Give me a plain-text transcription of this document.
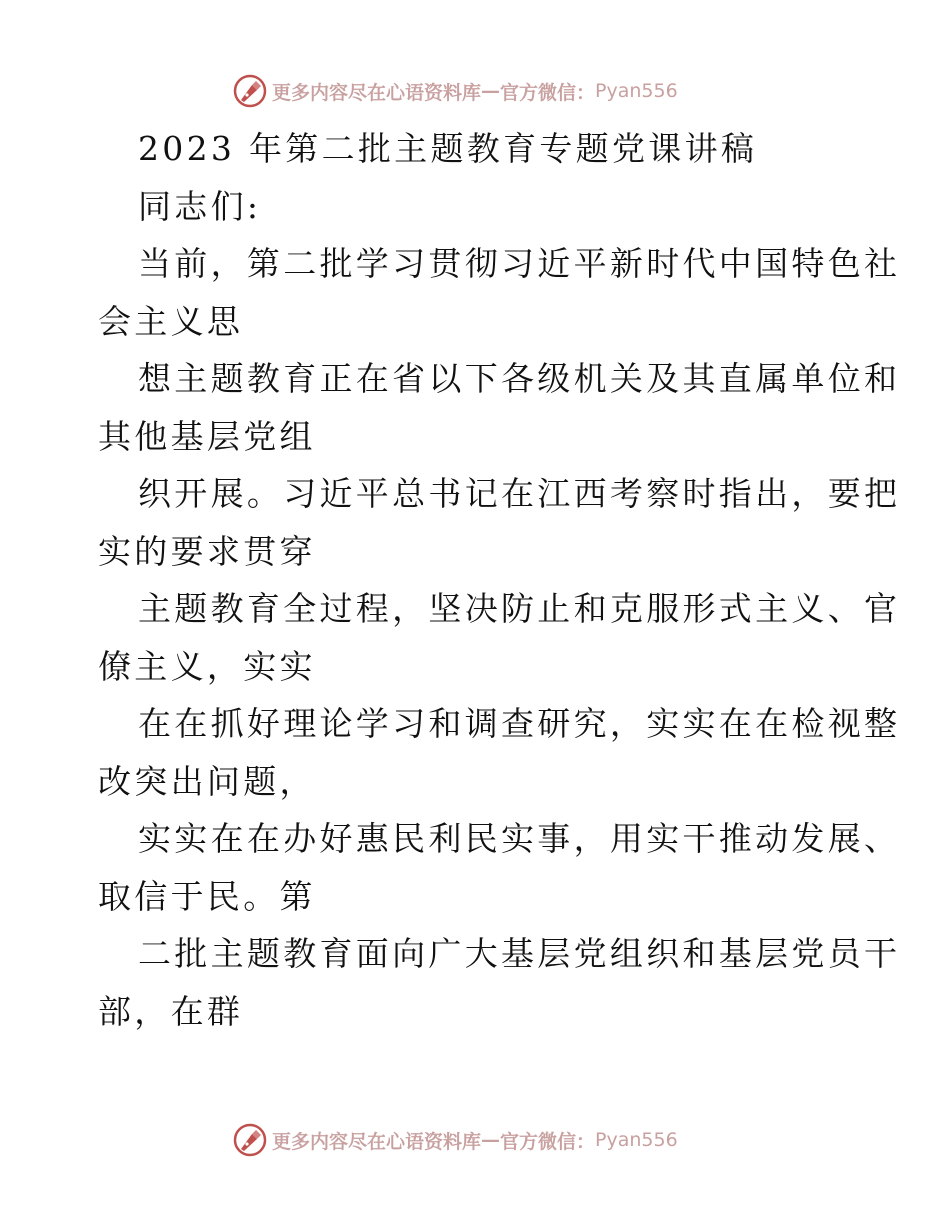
更多内容尽在心语资料库 — 官方微信： Pyan556
2023 年第二批主题教育专题党课讲稿
同志们:
当前，第二批学习贯彻习近平新时代中国特色社
会主义思
想主题教育正在省以下各级机关及其直属单位和
其他基层党组
织开展。习近平总书记在江西考察时指出，要把
实的要求贯穿
主题教育全过程，坚决防止和克服形式主义、官
僚主义，实实
在在抓好理论学习和调查研究，实实在在检视整
改突出问题，
实实在在办好惠民利民实事，用实干推动发展、
取信于民。第
二批主题教育面向广大基层党组织和基层党员干
部，在群
更多内容尽在心语资料库 — 官方微信： Pyan556
